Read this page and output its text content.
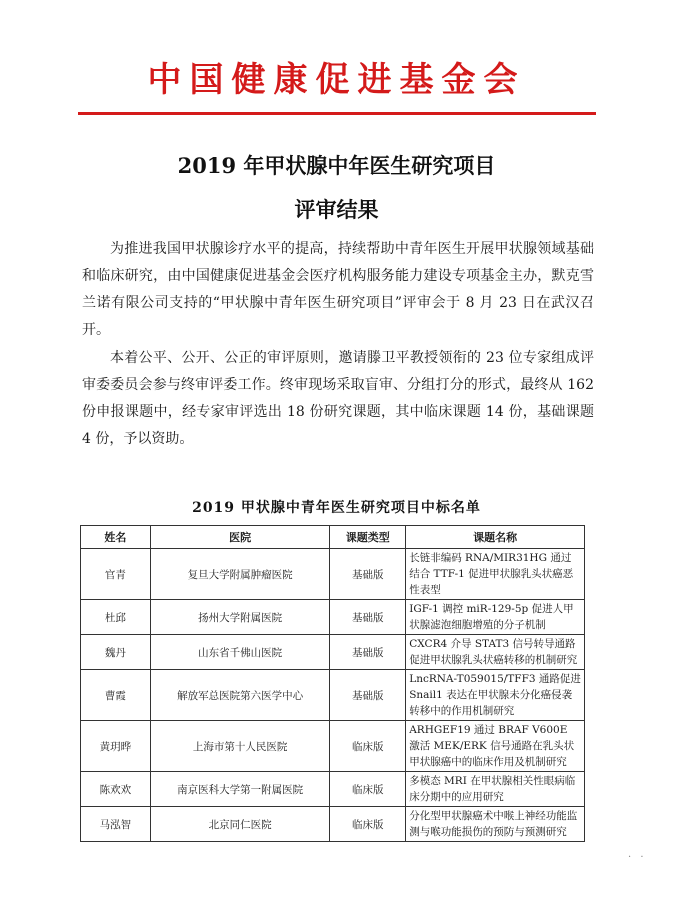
中国健康促进基金会
2019 年甲状腺中年医生研究项目
评审结果
为推进我国甲状腺诊疗水平的提高，持续帮助中青年医生开展甲状腺领域基础和临床研究，由中国健康促进基金会医疗机构服务能力建设专项基金主办，默克雪兰诺有限公司支持的“甲状腺中青年医生研究项目”评审会于 8 月 23 日在武汉召开。
本着公平、公开、公正的审评原则，邀请滕卫平教授领衔的 23 位专家组成评审委委员会参与终审评委工作。终审现场采取盲审、分组打分的形式，最终从 162 份申报课题中，经专家审评选出 18 份研究课题，其中临床课题 14 份，基础课题 4 份，予以资助。
2019 甲状腺中青年医生研究项目中标名单
姓名	医院	课题类型	课题名称
官青	复旦大学附属肿瘤医院	基础版	长链非编码 RNA/MIR31HG 通过结合 TTF-1 促进甲状腺乳头状癌恶性表型
杜邱	扬州大学附属医院	基础版	IGF-1 调控 miR-129-5p 促进人甲状腺滤泡细胞增殖的分子机制
魏丹	山东省千佛山医院	基础版	CXCR4 介导 STAT3 信号转导通路促进甲状腺乳头状癌转移的机制研究
曹霞	解放军总医院第六医学中心	基础版	LncRNA-T059015/TFF3 通路促进 Snail1 表达在甲状腺未分化癌侵袭转移中的作用机制研究
黄玥晔	上海市第十人民医院	临床版	ARHGEF19 通过 BRAF V600E 激活 MEK/ERK 信号通路在乳头状甲状腺癌中的临床作用及机制研究
陈欢欢	南京医科大学第一附属医院	临床版	多模态 MRI 在甲状腺相关性眼病临床分期中的应用研究
马泓智	北京同仁医院	临床版	分化型甲状腺癌术中喉上神经功能监测与喉功能损伤的预防与预测研究
· ·
